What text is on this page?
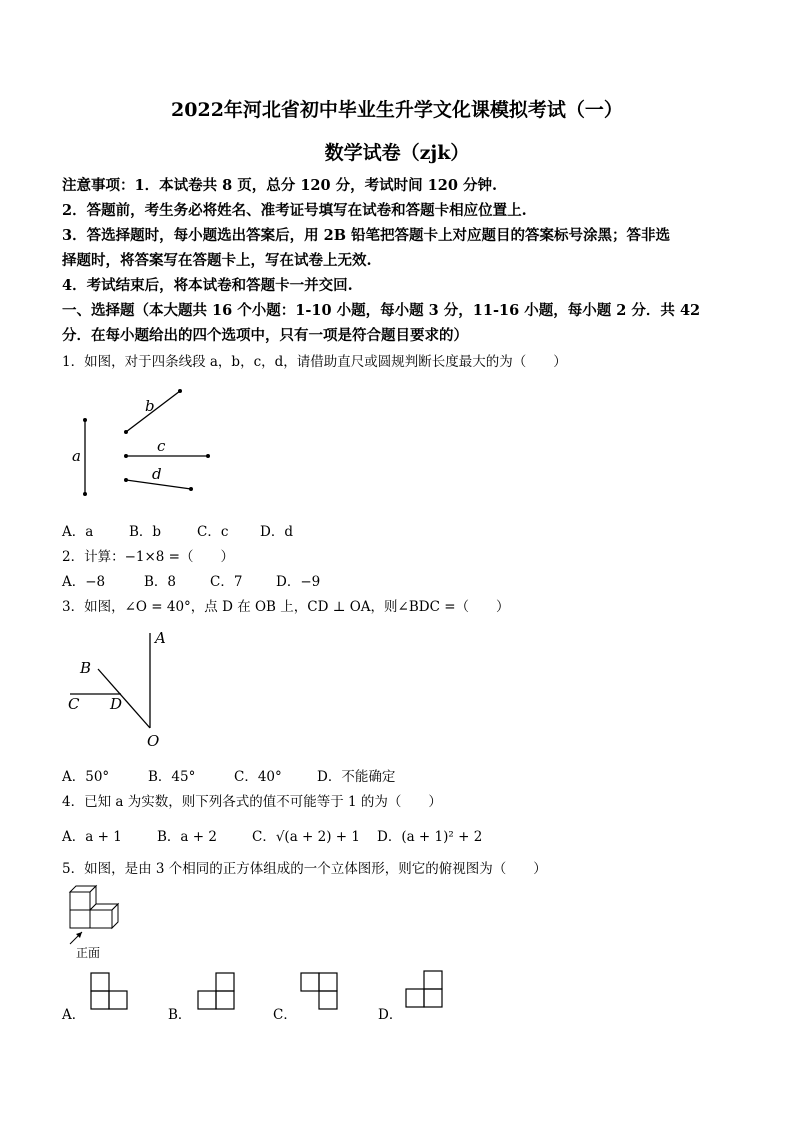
2022年河北省初中毕业生升学文化课模拟考试（一）
数学试卷（zjk）
注意事项：1．本试卷共 8 页，总分 120 分，考试时间 120 分钟.
2．答题前，考生务必将姓名、准考证号填写在试卷和答题卡相应位置上.
3．答选择题时，每小题选出答案后，用 2B 铅笔把答题卡上对应题目的答案标号涂黑；答非选
择题时，将答案写在答题卡上，写在试卷上无效.
4．考试结束后，将本试卷和答题卡一并交回.
一、选择题（本大题共 16 个小题：1-10 小题，每小题 3 分，11-16 小题，每小题 2 分．共 42
分．在每小题给出的四个选项中，只有一项是符合题目要求的）
1．如图，对于四条线段 a，b，c，d，请借助直尺或圆规判断长度最大的为（　　）
a
b
c
d
A．a	B．b	C．c D．d
2．计算：−1×8 =（　　）
A．−8	B．8	C．7 D．−9
3．如图，∠O = 40°，点 D 在 OB 上，CD ⊥ OA，则∠BDC =（　　）
A
B
C D
O
A．50°	B．45°	C．40°	D．不能确定
4．已知 a 为实数，则下列各式的值不可能等于 1 的为（　　）
A．a + 1	B．a + 2	C．√(a + 2) + 1 D．(a + 1)² + 2
5．如图，是由 3 个相同的正方体组成的一个立体图形，则它的俯视图为（　　）
正面
A．	B．	C．	D．
